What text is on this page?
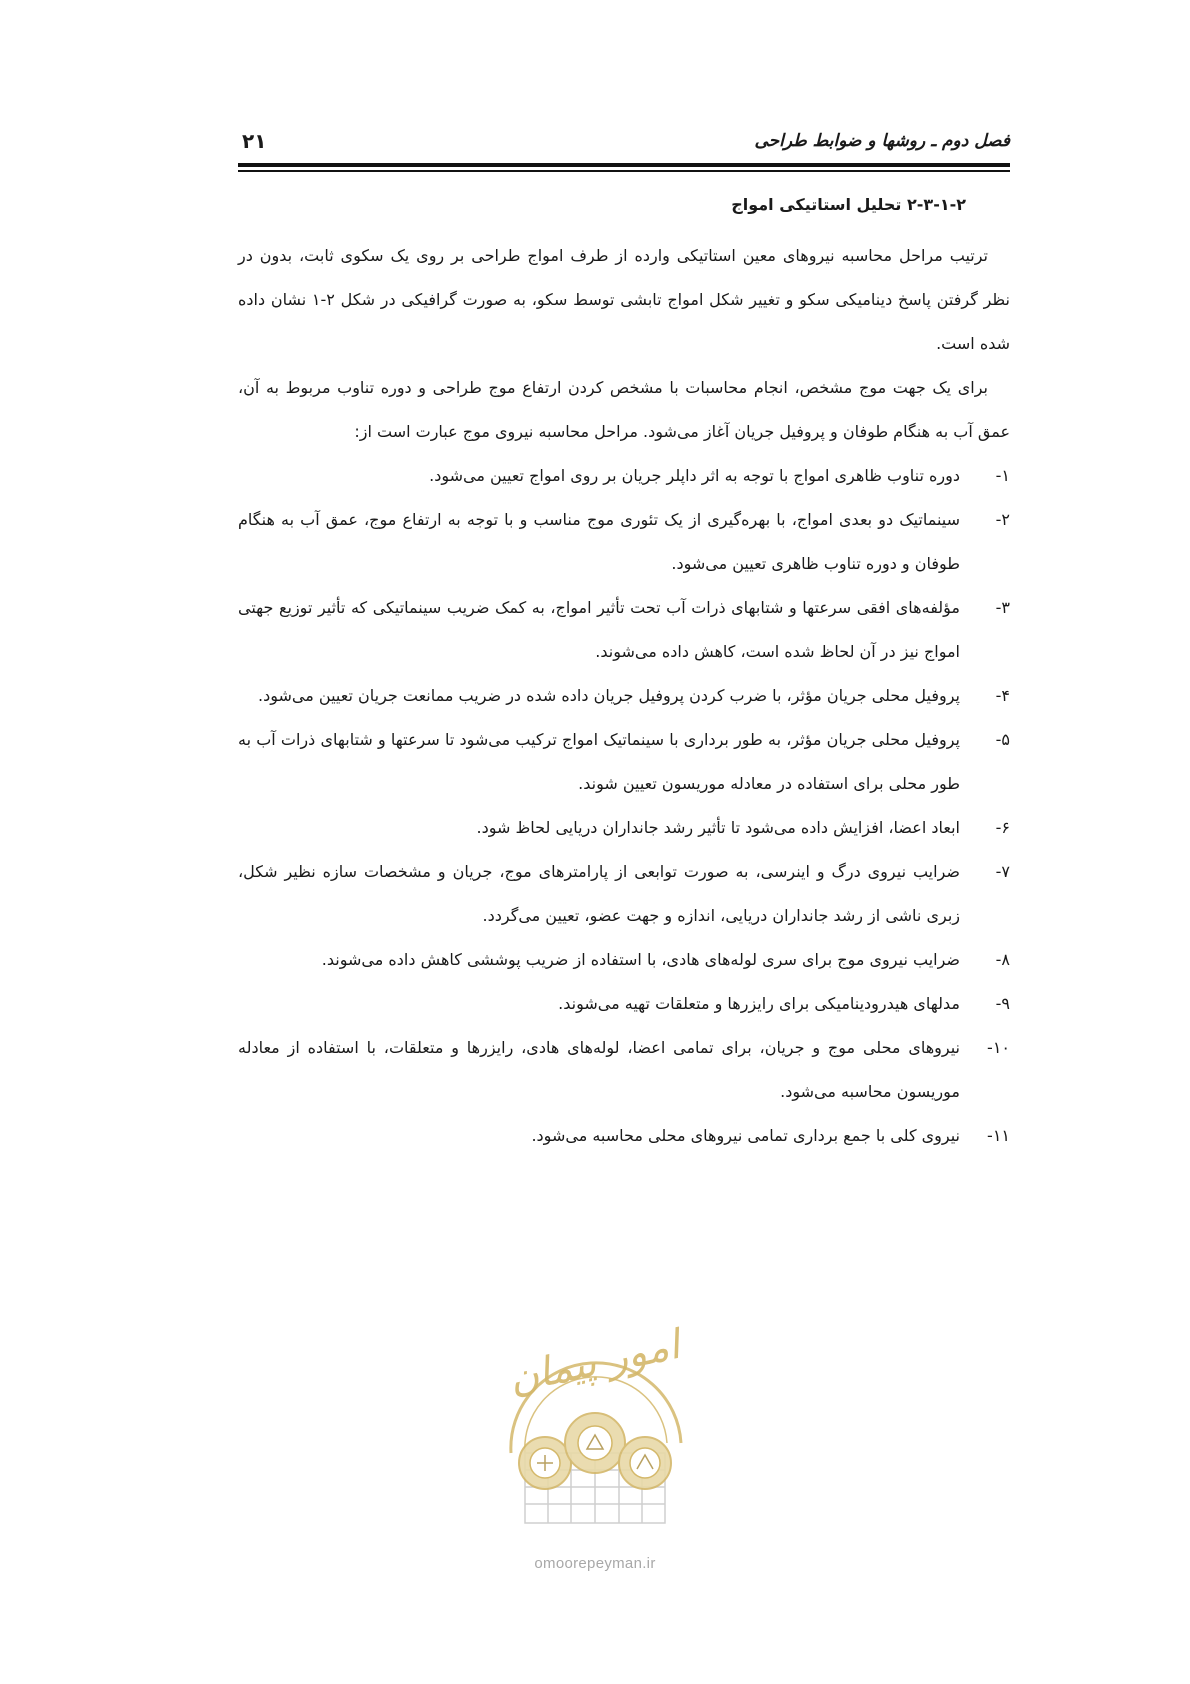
فصل دوم ـ روشها و ضوابط طراحی
۲۱
۲-۳-۱-۲ تحلیل استاتیکی امواج

ترتیب مراحل محاسبه نیروهای معین استاتیکی وارده از طرف امواج طراحی بر روی یک سکوی ثابت، بدون در نظر گرفتن پاسخ دینامیکی سکو و تغییر شکل امواج تابشی توسط سکو، به صورت گرافیکی در شکل ۲-۱ نشان داده شده است.

برای یک جهت موج مشخص، انجام محاسبات با مشخص کردن ارتفاع موج طراحی و دوره تناوب مربوط به آن، عمق آب به هنگام طوفان و پروفیل جریان آغاز می‌شود. مراحل محاسبه نیروی موج عبارت است از:

۱-
دوره تناوب ظاهری امواج با توجه به اثر داپلر جریان بر روی امواج تعیین می‌شود.
۲-
سینماتیک دو بعدی امواج، با بهره‌گیری از یک تئوری موج مناسب و با توجه به ارتفاع موج، عمق آب به هنگام طوفان و دوره تناوب ظاهری تعیین می‌شود.
۳-
مؤلفه‌های افقی سرعتها و شتابهای ذرات آب تحت تأثیر امواج، به کمک ضریب سینماتیکی که تأثیر توزیع جهتی امواج نیز در آن لحاظ شده است، کاهش داده می‌شوند.
۴-
پروفیل محلی جریان مؤثر، با ضرب کردن پروفیل جریان داده شده در ضریب ممانعت جریان تعیین می‌شود.
۵-
پروفیل محلی جریان مؤثر، به طور برداری با سینماتیک امواج ترکیب می‌شود تا سرعتها و شتابهای ذرات آب به طور محلی برای استفاده در معادله موریسون تعیین شوند.
۶-
ابعاد اعضا، افزایش داده می‌شود تا تأثیر رشد جانداران دریایی لحاظ شود.
۷-
ضرایب نیروی درگ و اینرسی، به صورت توابعی از پارامترهای موج، جریان و مشخصات سازه نظیر شکل، زبری ناشی از رشد جانداران دریایی، اندازه و جهت عضو، تعیین می‌گردد.
۸-
ضرایب نیروی موج برای سری لوله‌های هادی، با استفاده از ضریب پوششی کاهش داده می‌شوند.
۹-
مدلهای هیدرودینامیکی برای رایزرها و متعلقات تهیه می‌شوند.
۱۰-
نیروهای محلی موج و جریان، برای تمامی اعضا، لوله‌های هادی، رایزرها و متعلقات، با استفاده از معادله موریسون محاسبه می‌شود.
۱۱-
نیروی کلی با جمع برداری تمامی نیروهای محلی محاسبه می‌شود.
امور پیمان
omoorepeyman.ir
